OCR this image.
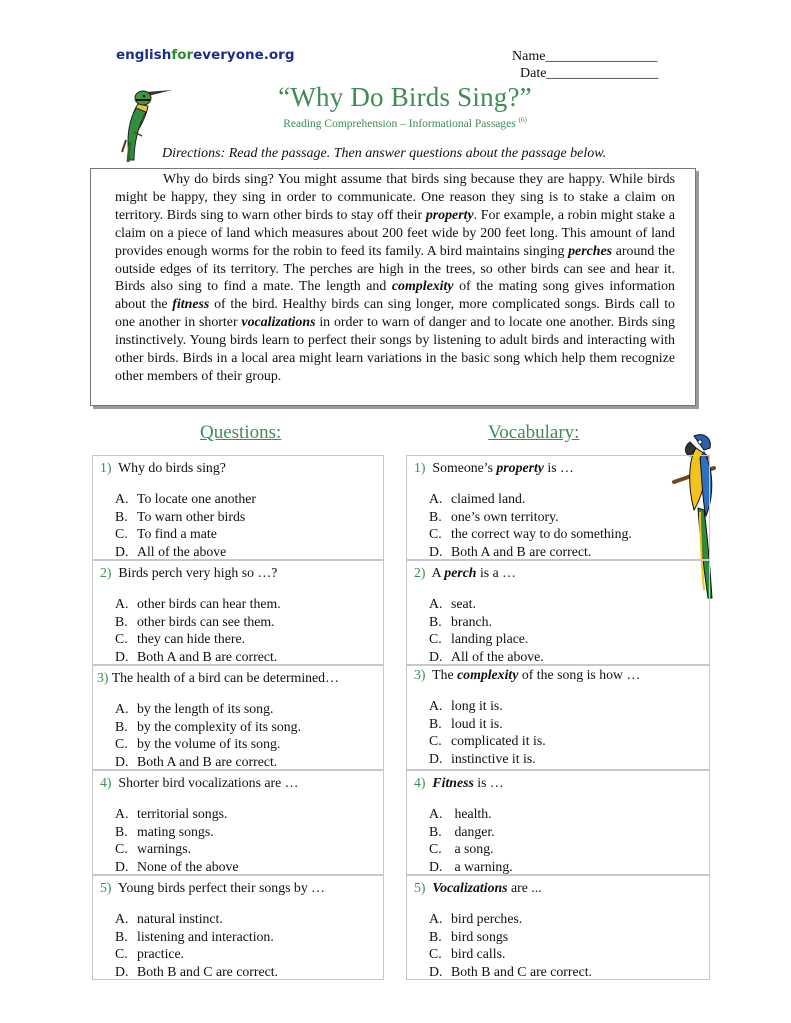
englishforeveryone.org	Name________________
Date________________
“Why Do Birds Sing?”
Reading Comprehension – Informational Passages $^{(6)}$
Directions: Read the passage. Then answer questions about the passage below.
Why do birds sing? You might assume that birds sing because they are happy. While birds might be happy, they sing in order to communicate. One reason they sing is to stake a claim on territory. Birds sing to warn other birds to stay off their property. For example, a robin might stake a claim on a piece of land which measures about 200 feet wide by 200 feet long. This amount of land provides enough worms for the robin to feed its family. A bird maintains singing perches around the outside edges of its territory. The perches are high in the trees, so other birds can see and hear it. Birds also sing to find a mate. The length and complexity of the mating song gives information about the fitness of the bird. Healthy birds can sing longer, more complicated songs. Birds call to one another in shorter vocalizations in order to warn of danger and to locate one another. Birds sing instinctively. Young birds learn to perfect their songs by listening to adult birds and interacting with other birds. Birds in a local area might learn variations in the basic song which help them recognize other members of their group.
Questions:	Vocabulary:
1) Why do birds sing?
A. To locate one another
B. To warn other birds
C. To find a mate
D. All of the above
2) Birds perch very high so …?
A. other birds can hear them.
B. other birds can see them.
C. they can hide there.
D. Both A and B are correct.
3) The health of a bird can be determined…
A. by the length of its song.
B. by the complexity of its song.
C. by the volume of its song.
D. Both A and B are correct.
4) Shorter bird vocalizations are …
A. territorial songs.
B. mating songs.
C. warnings.
D. None of the above
5) Young birds perfect their songs by …
A. natural instinct.
B. listening and interaction.
C. practice.
D. Both B and C are correct.
1) Someone’s property is …
A. claimed land.
B. one’s own territory.
C. the correct way to do something.
D. Both A and B are correct.
2) A perch is a …
A. seat.
B. branch.
C. landing place.
D. All of the above.
3) The complexity of the song is how …
A. long it is.
B. loud it is.
C. complicated it is.
D. instinctive it is.
4) Fitness is …
A. health.
B. danger.
C. a song.
D. a warning.
5) Vocalizations are ...
A. bird perches.
B. bird songs
C. bird calls.
D. Both B and C are correct.
